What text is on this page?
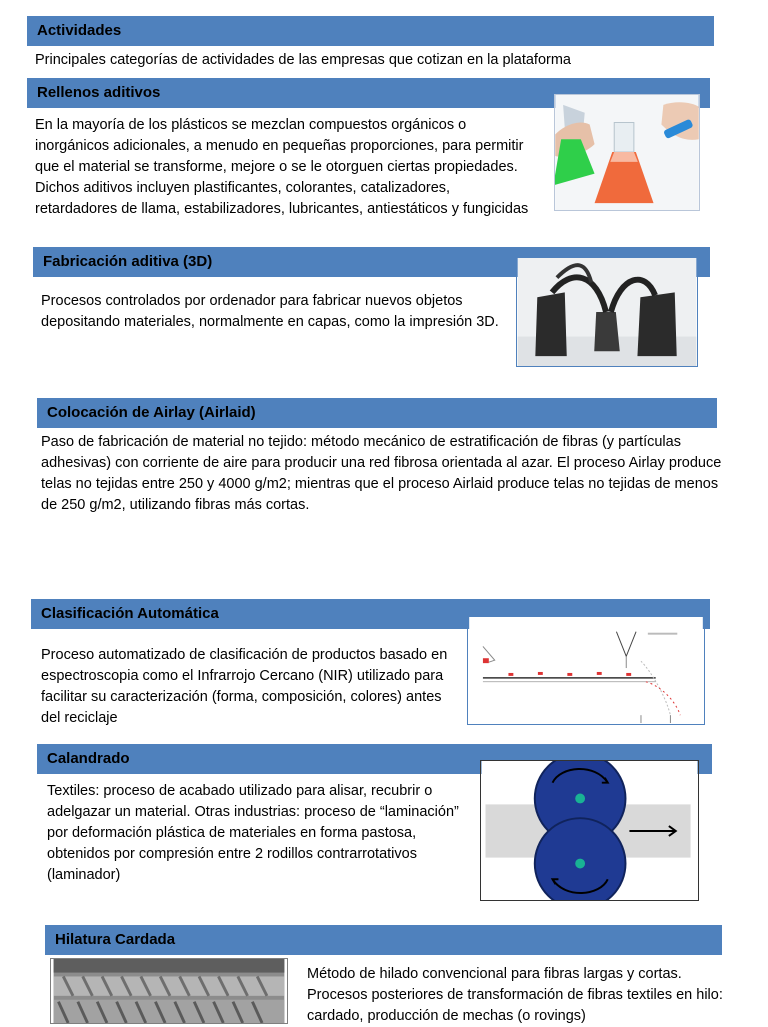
Actividades
Principales categorías de actividades de las empresas que cotizan en la plataforma
Rellenos aditivos
En la mayoría de los plásticos se mezclan compuestos orgánicos o inorgánicos adicionales, a menudo en pequeñas proporciones, para permitir que el material se transforme, mejore o se le otorguen ciertas propiedades. Dichos aditivos incluyen plastificantes, colorantes, catalizadores, retardadores de llama, estabilizadores, lubricantes, antiestáticos y fungicidas
Fabricación aditiva (3D)
Procesos controlados por ordenador para fabricar nuevos objetos depositando materiales, normalmente en capas, como la impresión 3D.
Colocación de Airlay (Airlaid)
Paso de fabricación de material no tejido: método mecánico de estratificación de fibras (y partículas adhesivas) con corriente de aire para producir una red fibrosa orientada al azar. El proceso Airlay produce telas no tejidas entre 250 y 4000 g/m2; mientras que el proceso Airlaid produce telas no tejidas de menos de 250 g/m2, utilizando fibras más cortas.
Clasificación Automática
Proceso automatizado de clasificación de productos basado en espectroscopia como el Infrarrojo Cercano (NIR) utilizado para facilitar su caracterización (forma, composición, colores) antes del reciclaje
Calandrado
Textiles: proceso de acabado utilizado para alisar, recubrir o adelgazar un material. Otras industrias: proceso de “laminación” por deformación plástica de materiales en forma pastosa, obtenidos por compresión entre 2 rodillos contrarrotativos (laminador)
Hilatura Cardada
Método de hilado convencional para fibras largas y cortas. Procesos posteriores de transformación de fibras textiles en hilo: cardado, producción de mechas (o rovings)
